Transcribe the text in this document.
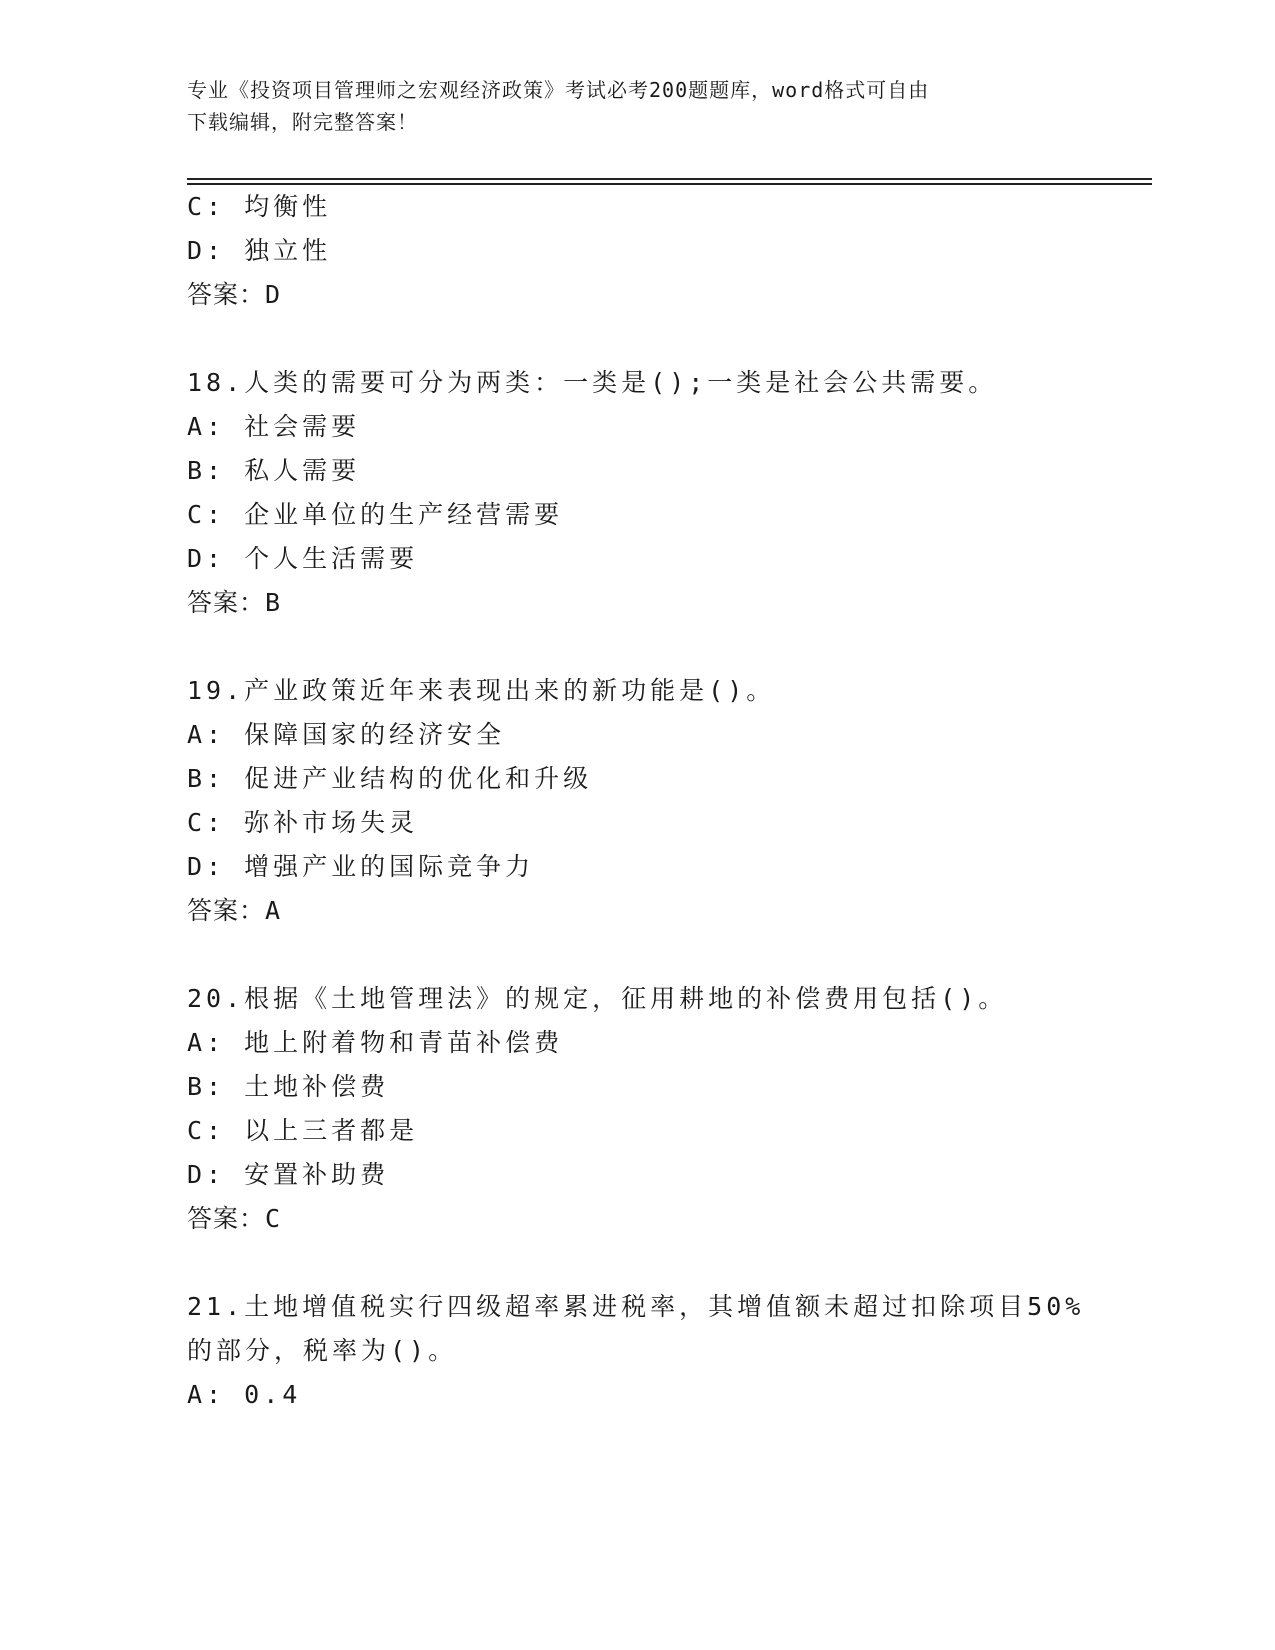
专业《投资项目管理师之宏观经济政策》考试必考200题题库，word格式可自由
下载编辑，附完整答案！
C: 均衡性
D: 独立性
答案：D
18.人类的需要可分为两类：一类是();一类是社会公共需要。
A: 社会需要
B: 私人需要
C: 企业单位的生产经营需要
D: 个人生活需要
答案：B
19.产业政策近年来表现出来的新功能是()。
A: 保障国家的经济安全
B: 促进产业结构的优化和升级
C: 弥补市场失灵
D: 增强产业的国际竞争力
答案：A
20.根据《土地管理法》的规定，征用耕地的补偿费用包括()。
A: 地上附着物和青苗补偿费
B: 土地补偿费
C: 以上三者都是
D: 安置补助费
答案：C
21.土地增值税实行四级超率累进税率，其增值额未超过扣除项目50%
的部分，税率为()。
A: 0.4
